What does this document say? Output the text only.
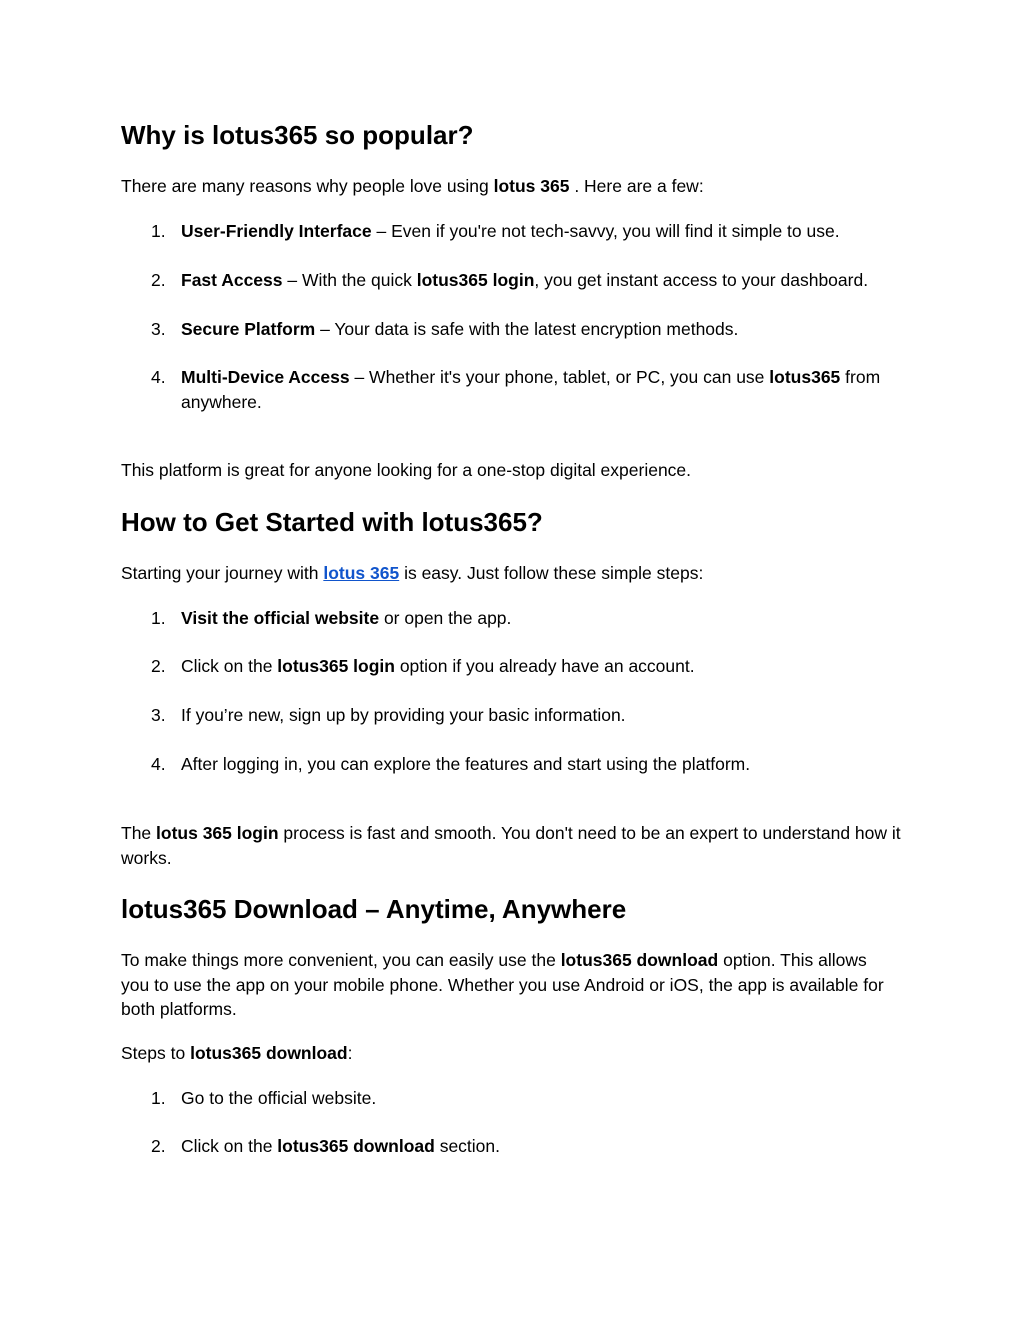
Why is lotus365 so popular?

There are many reasons why people love using lotus 365 . Here are a few:

1. User-Friendly Interface – Even if you're not tech-savvy, you will find it simple to use.
2. Fast Access – With the quick lotus365 login, you get instant access to your dashboard.
3. Secure Platform – Your data is safe with the latest encryption methods.
4. Multi-Device Access – Whether it's your phone, tablet, or PC, you can use lotus365 from anywhere.

This platform is great for anyone looking for a one-stop digital experience.

How to Get Started with lotus365?

Starting your journey with lotus 365 is easy. Just follow these simple steps:

1. Visit the official website or open the app.
2. Click on the lotus365 login option if you already have an account.
3. If you’re new, sign up by providing your basic information.
4. After logging in, you can explore the features and start using the platform.

The lotus 365 login process is fast and smooth. You don't need to be an expert to understand how it works.

lotus365 Download – Anytime, Anywhere

To make things more convenient, you can easily use the lotus365 download option. This allows you to use the app on your mobile phone. Whether you use Android or iOS, the app is available for both platforms.

Steps to lotus365 download:

1. Go to the official website.
2. Click on the lotus365 download section.
